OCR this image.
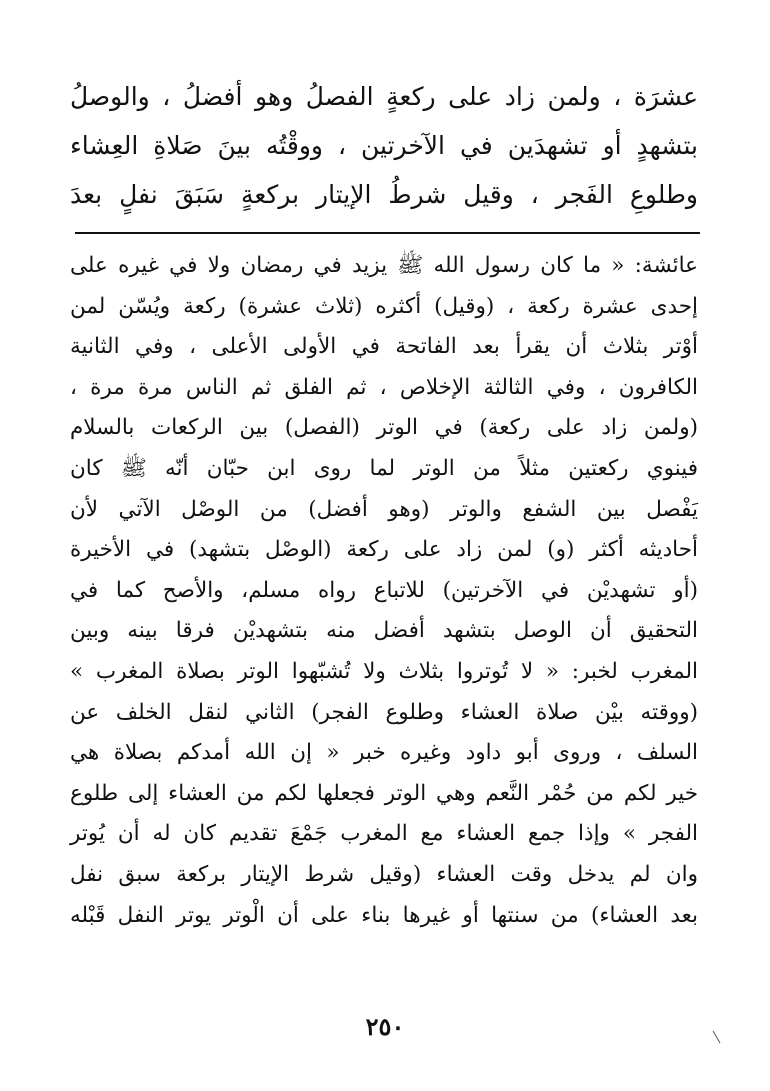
عشرَة ، ولمن زاد على ركعةٍ الفصلُ وهو أفضلُ ، والوصلُ
بتشهدٍ أو تشهدَين في الآخرتين ، ووقْتُه بينَ صَلاةِ العِشاء
وطلوعِ الفَجر ، وقيل شرطُ الإيتار بركعةٍ سَبَقَ نفلٍ بعدَ
عائشة: « ما كان رسول الله ﷺ يزيد في رمضان ولا في غيره على
إحدى عشرة ركعة ، (وقيل) أكثره (ثلاث عشرة) ركعة ويُسّن لمن
أوْتر بثلاث أن يقرأ بعد الفاتحة في الأولى الأعلى ، وفي الثانية
الكافرون ، وفي الثالثة الإخلاص ، ثم الفلق ثم الناس مرة مرة ،
(ولمن زاد على ركعة) في الوتر (الفصل) بين الركعات بالسلام
فينوي ركعتين مثلاً من الوتر لما روى ابن حبّان أنّه ﷺ كان
يَفْصل بين الشفع والوتر (وهو أفضل) من الوصْل الآتي لأن
أحاديثه أكثر (و) لمن زاد على ركعة (الوصْل بتشهد) في الأخيرة
(أو تشهديْن في الآخرتين) للاتباع رواه مسلم، والأصح كما في
التحقيق أن الوصل بتشهد أفضل منه بتشهديْن فرقا بينه وبين
المغرب لخبر: « لا تُوتروا بثلاث ولا تُشبّهوا الوتر بصلاة المغرب »
(ووقته بيْن صلاة العشاء وطلوع الفجر) الثاني لنقل الخلف عن
السلف ، وروى أبو داود وغيره خبر « إن الله أمدكم بصلاة هي
خير لكم من حُمْر النَّعم وهي الوتر فجعلها لكم من العشاء إلى طلوع
الفجر » وإذا جمع العشاء مع المغرب جَمْعَ تقديم كان له أن يُوتر
وان لم يدخل وقت العشاء (وقيل شرط الإيتار بركعة سبق نفل
بعد العشاء) من سنتها أو غيرها بناء على أن الْوتر يوتر النفل قَبْله
٢٥٠
